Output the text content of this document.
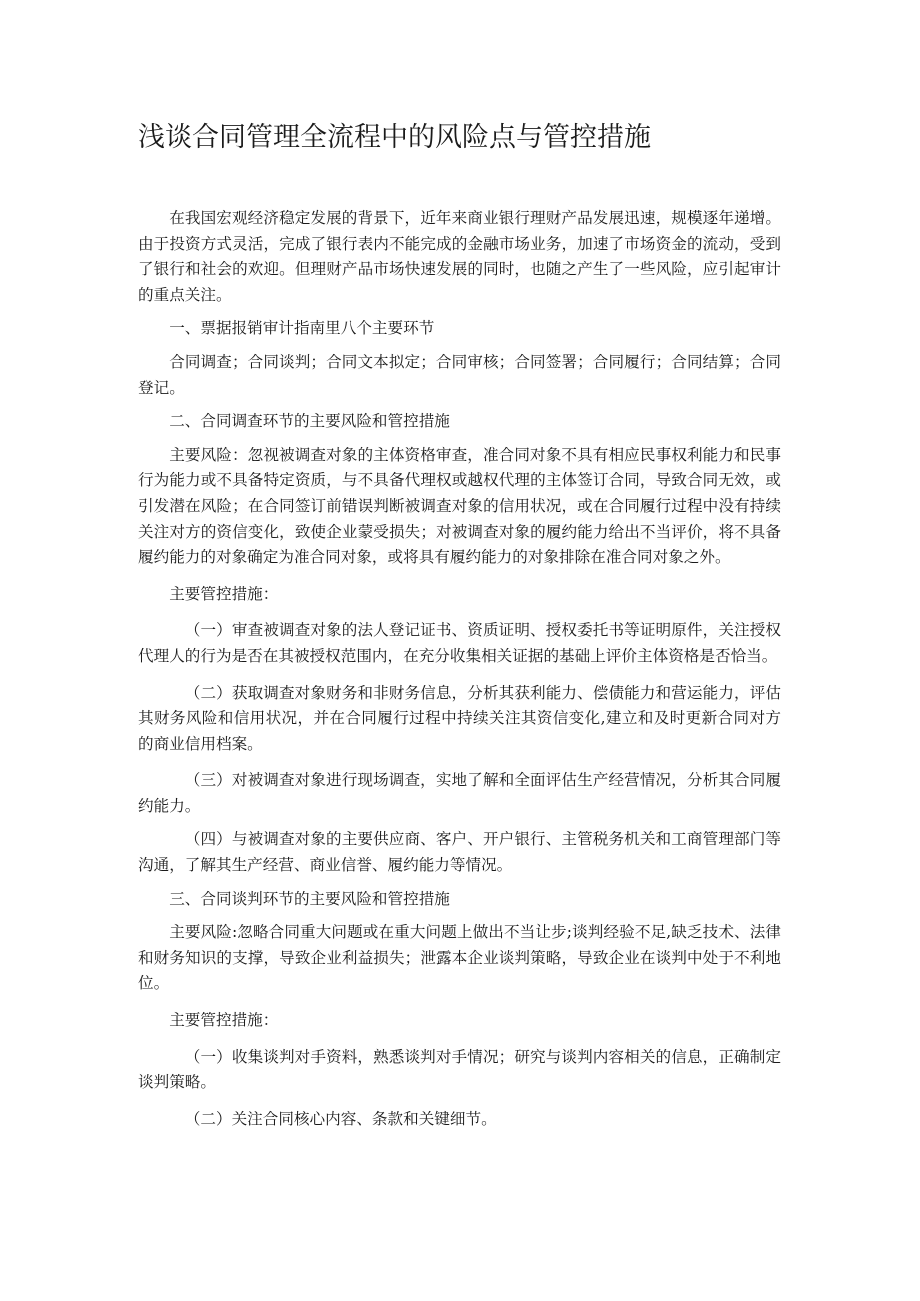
浅谈合同管理全流程中的风险点与管控措施

在我国宏观经济稳定发展的背景下，近年来商业银行理财产品发展迅速，规模逐年递增。由于投资方式灵活，完成了银行表内不能完成的金融市场业务，加速了市场资金的流动，受到了银行和社会的欢迎。但理财产品市场快速发展的同时，也随之产生了一些风险，应引起审计的重点关注。

一、票据报销审计指南里八个主要环节

合同调查；合同谈判；合同文本拟定；合同审核；合同签署；合同履行；合同结算；合同登记。

二、合同调查环节的主要风险和管控措施

主要风险：忽视被调查对象的主体资格审查，准合同对象不具有相应民事权利能力和民事行为能力或不具备特定资质，与不具备代理权或越权代理的主体签订合同，导致合同无效，或引发潜在风险；在合同签订前错误判断被调查对象的信用状况，或在合同履行过程中没有持续关注对方的资信变化，致使企业蒙受损失；对被调查对象的履约能力给出不当评价，将不具备履约能力的对象确定为准合同对象，或将具有履约能力的对象排除在准合同对象之外。

主要管控措施：

（一）审查被调查对象的法人登记证书、资质证明、授权委托书等证明原件，关注授权代理人的行为是否在其被授权范围内，在充分收集相关证据的基础上评价主体资格是否恰当。

（二）获取调查对象财务和非财务信息，分析其获利能力、偿债能力和营运能力，评估其财务风险和信用状况，并在合同履行过程中持续关注其资信变化,建立和及时更新合同对方的商业信用档案。

（三）对被调查对象进行现场调查，实地了解和全面评估生产经营情况，分析其合同履约能力。

（四）与被调查对象的主要供应商、客户、开户银行、主管税务机关和工商管理部门等沟通，了解其生产经营、商业信誉、履约能力等情况。

三、合同谈判环节的主要风险和管控措施

主要风险:忽略合同重大问题或在重大问题上做出不当让步;谈判经验不足,缺乏技术、法律和财务知识的支撑，导致企业利益损失；泄露本企业谈判策略，导致企业在谈判中处于不利地位。

主要管控措施：

（一）收集谈判对手资料，熟悉谈判对手情况；研究与谈判内容相关的信息，正确制定谈判策略。

（二）关注合同核心内容、条款和关键细节。
